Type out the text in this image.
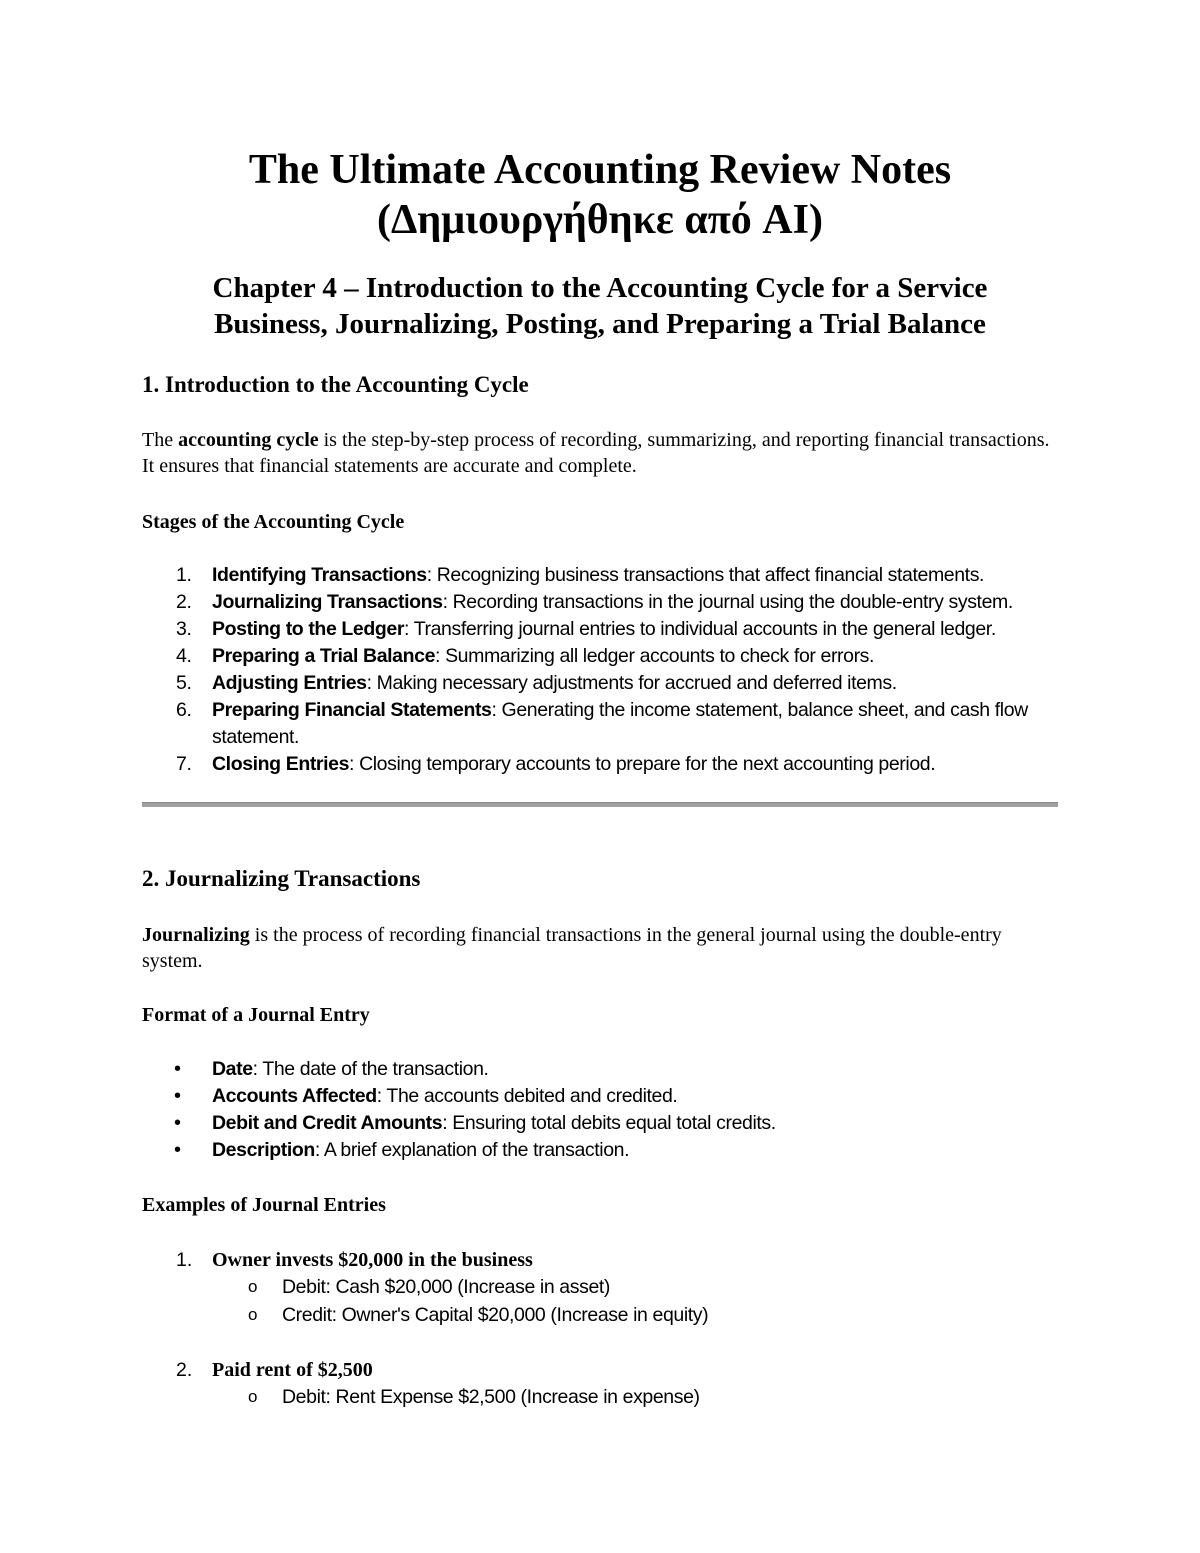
The Ultimate Accounting Review Notes
(Δημιουργήθηκε από AI)
Chapter 4 – Introduction to the Accounting Cycle for a Service
Business, Journalizing, Posting, and Preparing a Trial Balance
1. Introduction to the Accounting Cycle
The accounting cycle is the step-by-step process of recording, summarizing, and reporting financial transactions. It ensures that financial statements are accurate and complete.
Stages of the Accounting Cycle
1.	Identifying Transactions: Recognizing business transactions that affect financial statements.
2.	Journalizing Transactions: Recording transactions in the journal using the double-entry system.
3.	Posting to the Ledger: Transferring journal entries to individual accounts in the general ledger.
4.	Preparing a Trial Balance: Summarizing all ledger accounts to check for errors.
5.	Adjusting Entries: Making necessary adjustments for accrued and deferred items.
6.	Preparing Financial Statements: Generating the income statement, balance sheet, and cash flow statement.
7.	Closing Entries: Closing temporary accounts to prepare for the next accounting period.
2. Journalizing Transactions
Journalizing is the process of recording financial transactions in the general journal using the double-entry system.
Format of a Journal Entry
• Date: The date of the transaction.
• Accounts Affected: The accounts debited and credited.
• Debit and Credit Amounts: Ensuring total debits equal total credits.
• Description: A brief explanation of the transaction.
Examples of Journal Entries
1. Owner invests $20,000 in the business
o Debit: Cash $20,000 (Increase in asset)
o Credit: Owner's Capital $20,000 (Increase in equity)
2. Paid rent of $2,500
o Debit: Rent Expense $2,500 (Increase in expense)
